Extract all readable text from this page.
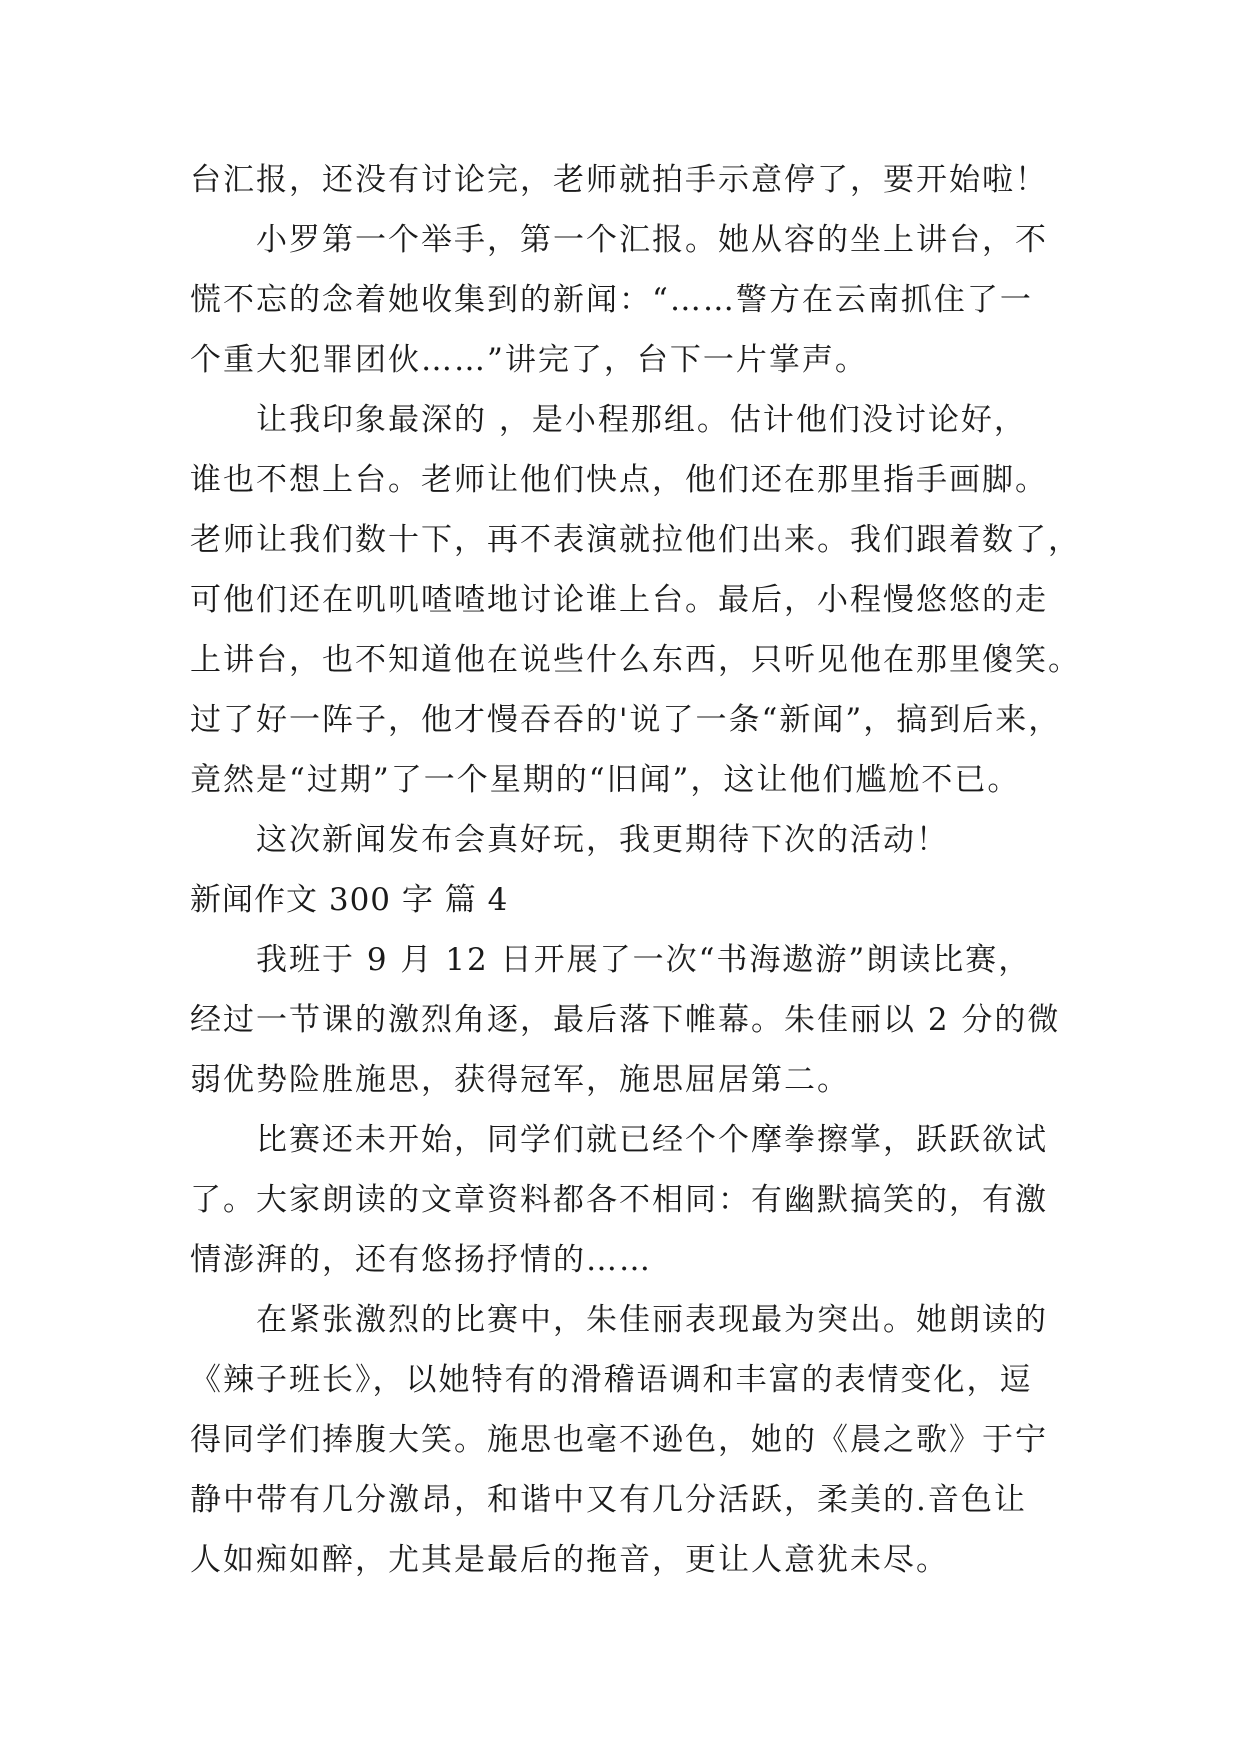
台汇报，还没有讨论完，老师就拍手示意停了，要开始啦！
小罗第一个举手，第一个汇报。她从容的坐上讲台，不
慌不忘的念着她收集到的新闻：“……警方在云南抓住了一
个重大犯罪团伙……”讲完了，台下一片掌声。
让我印象最深的 ，是小程那组。估计他们没讨论好，
谁也不想上台。老师让他们快点，他们还在那里指手画脚。
老师让我们数十下，再不表演就拉他们出来。我们跟着数了，
可他们还在叽叽喳喳地讨论谁上台。最后，小程慢悠悠的走
上讲台，也不知道他在说些什么东西，只听见他在那里傻笑。
过了好一阵子，他才慢吞吞的'说了一条“新闻”，搞到后来，
竟然是“过期”了一个星期的“旧闻”，这让他们尴尬不已。
这次新闻发布会真好玩，我更期待下次的活动！
新闻作文 300 字 篇 4
我班于 9 月 12 日开展了一次“书海遨游”朗读比赛，
经过一节课的激烈角逐，最后落下帷幕。朱佳丽以 2 分的微
弱优势险胜施思，获得冠军，施思屈居第二。
比赛还未开始，同学们就已经个个摩拳擦掌，跃跃欲试
了。大家朗读的文章资料都各不相同：有幽默搞笑的，有激
情澎湃的，还有悠扬抒情的……
在紧张激烈的比赛中，朱佳丽表现最为突出。她朗读的
《辣子班长》，以她特有的滑稽语调和丰富的表情变化，逗
得同学们捧腹大笑。施思也毫不逊色，她的《晨之歌》于宁
静中带有几分激昂，和谐中又有几分活跃，柔美的.音色让
人如痴如醉，尤其是最后的拖音，更让人意犹未尽。
